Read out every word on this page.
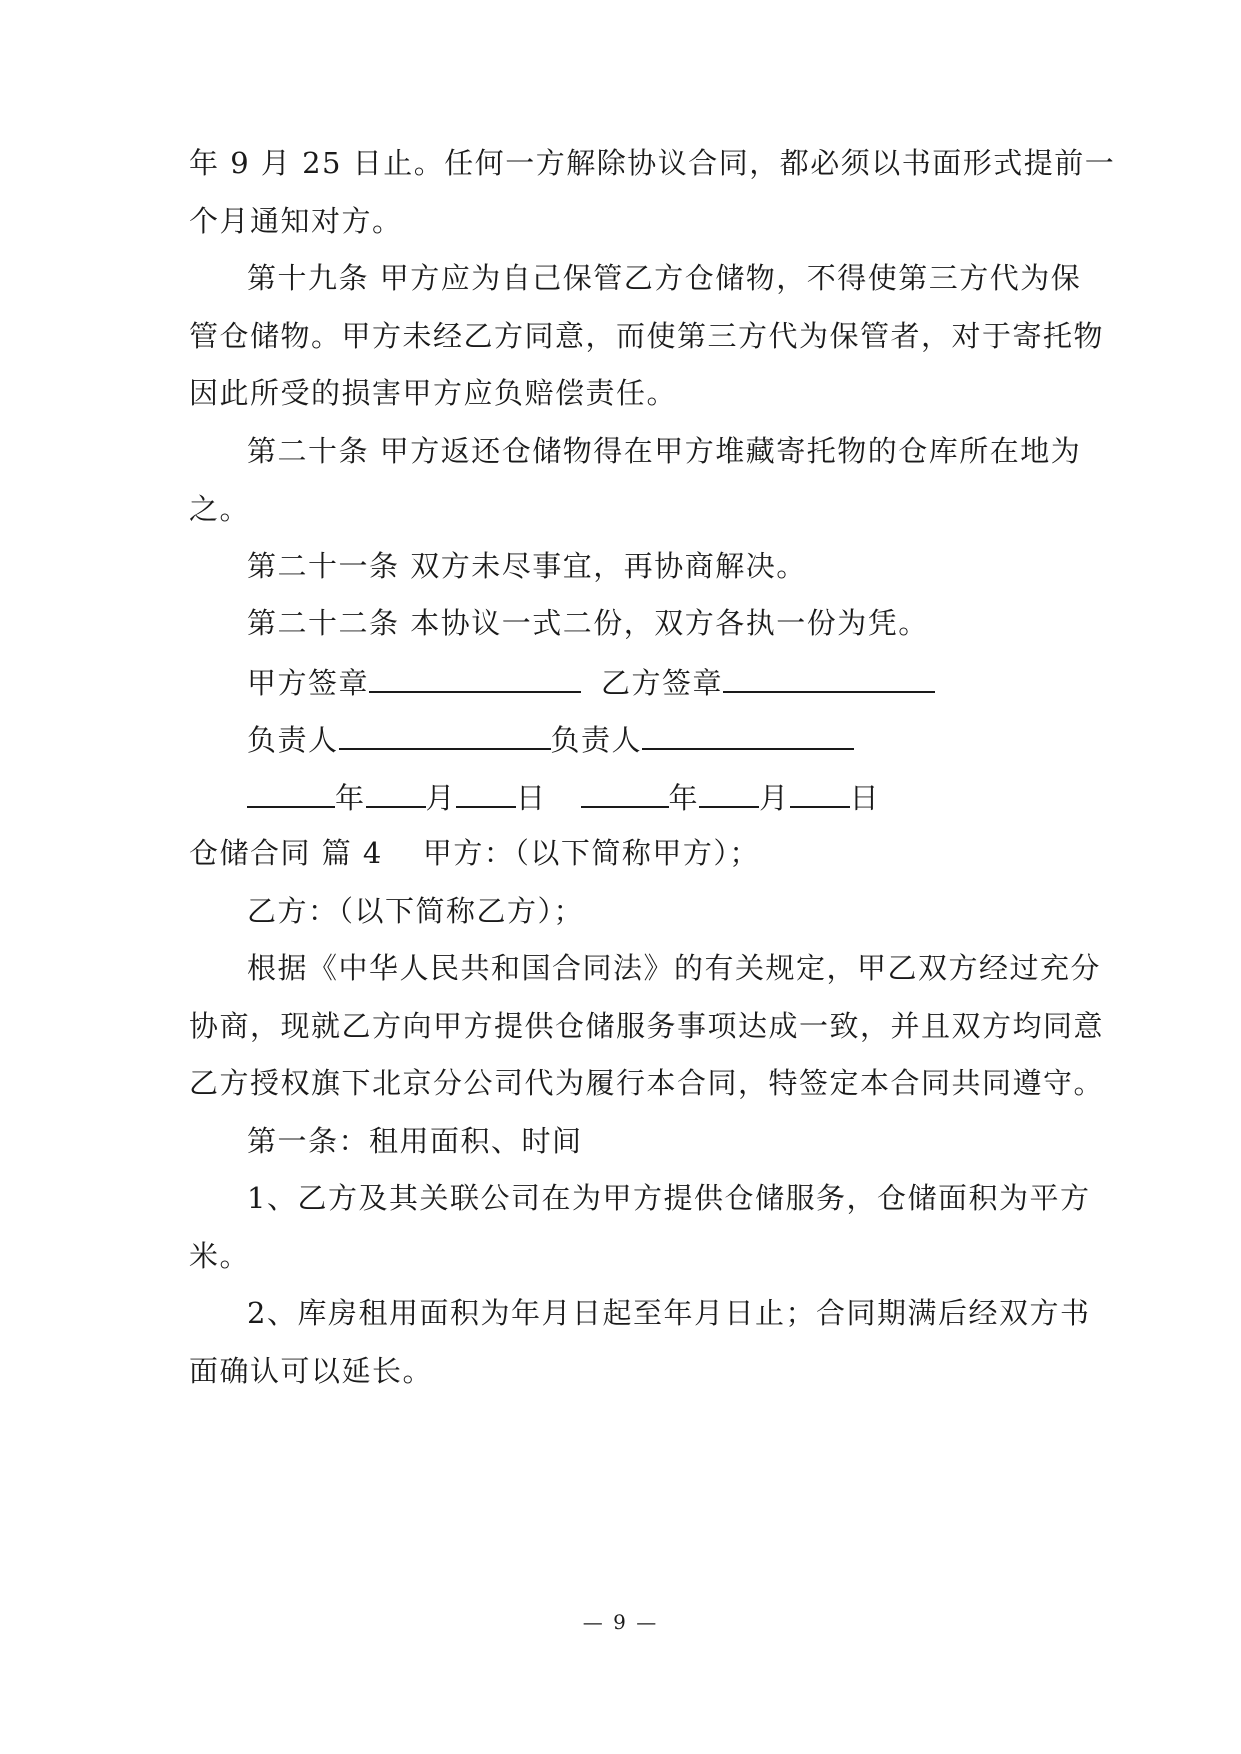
年 9 月 25 日止。任何一方解除协议合同，都必须以书面形式提前一
个月通知对方。
第十九条 甲方应为自己保管乙方仓储物，不得使第三方代为保
管仓储物。甲方未经乙方同意，而使第三方代为保管者，对于寄托物
因此所受的损害甲方应负赔偿责任。
第二十条 甲方返还仓储物得在甲方堆藏寄托物的仓库所在地为
之。
第二十一条 双方未尽事宜，再协商解决。
第二十二条 本协议一式二份，双方各执一份为凭。
甲方签章	乙方签章
负责人	负责人
年 月 日	年 月 日
仓储合同 篇 4 甲方：（以下简称甲方）；
乙方：（以下简称乙方）；
根据《中华人民共和国合同法》的有关规定，甲乙双方经过充分
协商，现就乙方向甲方提供仓储服务事项达成一致，并且双方均同意
乙方授权旗下北京分公司代为履行本合同，特签定本合同共同遵守。
第一条：租用面积、时间
1、乙方及其关联公司在为甲方提供仓储服务，仓储面积为平方
米。
2、库房租用面积为年月日起至年月日止；合同期满后经双方书
面确认可以延长。
— 9 —
